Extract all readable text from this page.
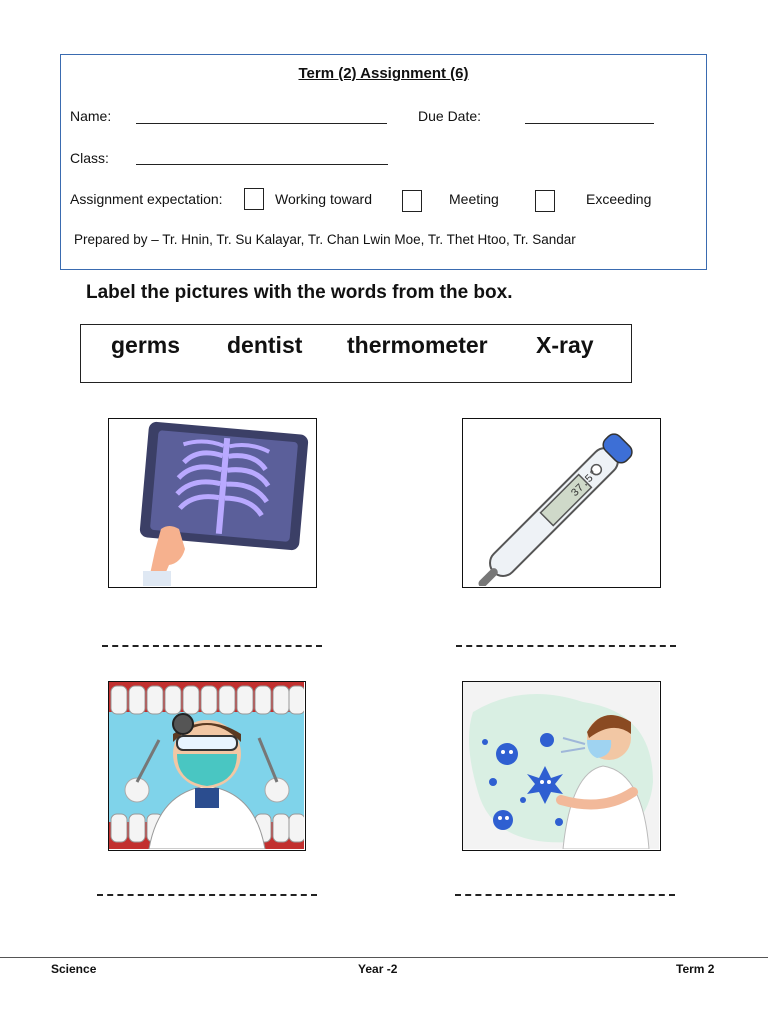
Term (2) Assignment (6)
Name:	Due Date:
Class:
Assignment expectation:	Working toward	Meeting	Exceeding
Prepared by – Tr. Hnin, Tr. Su Kalayar, Tr. Chan Lwin Moe, Tr. Thet Htoo, Tr. Sandar
Label the pictures with the words from the box.
germs dentist thermometer X-ray
37.5°
Science	Year -2	Term 2
